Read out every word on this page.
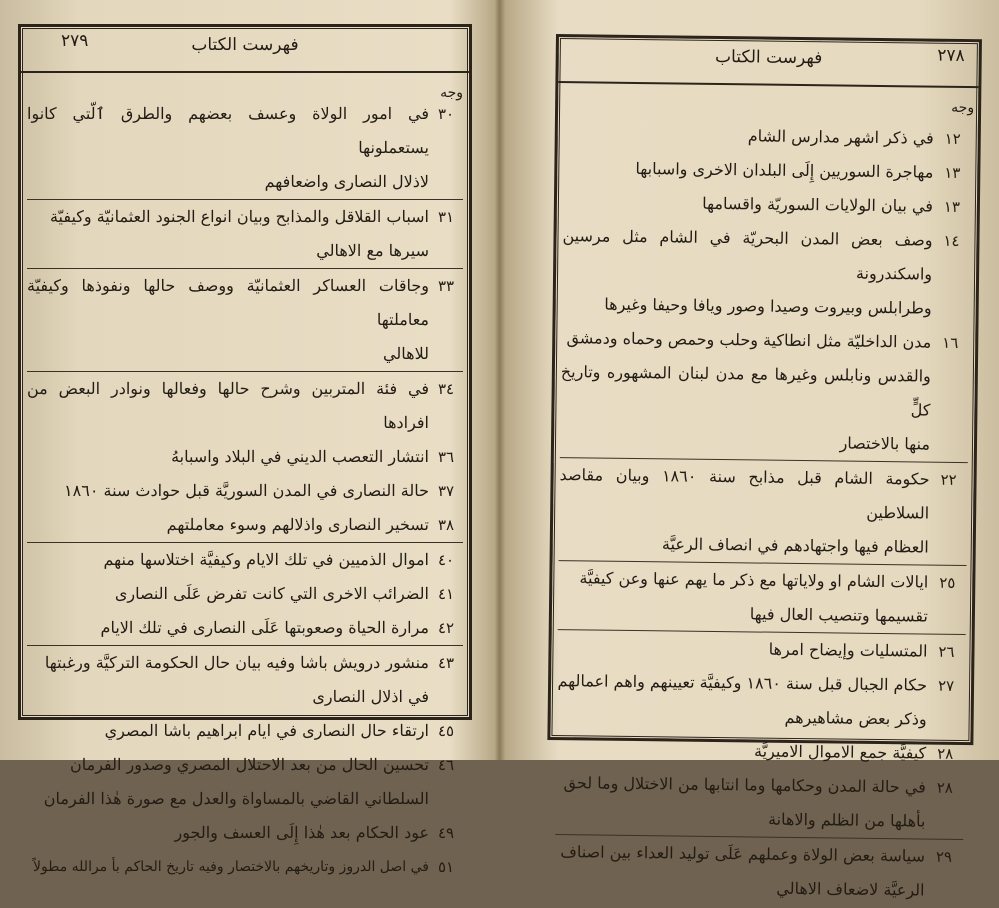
٢٧٩	فهرست الكتاب
وجه
٣٠
في امور الولاة وعسف بعضهم والطرق ٱلّتي كانوا يستعملونها
لاذلال النصارى واضعافهم
٣١
اسباب القلاقل والمذابح وبيان انواع الجنود العثمانيّة وكيفيّة
سيرها مع الاهالي
٣٣
وجاقات العساكر العثمانيّة ووصف حالها ونفوذها وكيفيّة معاملتها
للاهالي
٣٤
في فئة المتربين وشرح حالها وفعالها ونوادر البعض من افرادها
٣٦
انتشار التعصب الديني في البلاد واسبابهُ
٣٧
حالة النصارى في المدن السوريَّة قبل حوادث سنة ١٨٦٠
٣٨
تسخير النصارى واذلالهم وسوء معاملتهم
٤٠
اموال الذميين في تلك الايام وكيفيَّة اختلاسها منهم
٤١
الضرائب الاخرى التي كانت تفرض عَلَى النصارى
٤٢
مرارة الحياة وصعوبتها عَلَى النصارى في تلك الايام
٤٣
منشور درويش باشا وفيه بيان حال الحكومة التركيَّة ورغبتها
في اذلال النصارى
٤٥
ارتقاء حال النصارى في ايام ابراهيم باشا المصري
٤٦
تحسين الحال من بعد الاحتلال المصري وصدور الفرمان
السلطاني القاضي بالمساواة والعدل مع صورة هٰذا الفرمان
٤٩
عود الحكام بعد هٰذا إِلَى العسف والجور
٥١
في اصل الدروز وتاريخهم بالاختصار وفيه تاريخ الحاكم بأ مرالله مطولاً
٢٧٨
فهرست الكتاب
وجه
١٢
في ذكر اشهر مدارس الشام
١٣
مهاجرة السوريين إِلَى البلدان الاخرى واسبابها
١٣
في بيان الولايات السوريّة واقسامها
١٤
وصف بعض المدن البحريّة في الشام مثل مرسين واسكندرونة
وطرابلس وبيروت وصيدا وصور ويافا وحيفا وغيرها
١٦
مدن الداخليّة مثل انطاكية وحلب وحمص وحماه ودمشق
والقدس ونابلس وغيرها مع مدن لبنان المشهوره وتاريخ كلٍّ
منها بالاختصار
٢٢
حكومة الشام قبل مذابح سنة ١٨٦٠ وبيان مقاصد السلاطين
العظام فيها واجتهادهم في انصاف الرعيَّة
٢٥
ايالات الشام او ولاياتها مع ذكر ما يهم عنها وعن كيفيَّة
تقسيمها وتنصيب العال فيها
٢٦
المتسليات وإيضاح امرها
٢٧
حكام الجبال قبل سنة ١٨٦٠ وكيفيَّة تعيينهم واهم اعمالهم
وذكر بعض مشاهيرهم
٢٨
كيفيَّة جمع الاموال الاميريَّة
٢٨
في حالة المدن وحكامها وما انتابها من الاختلال وما لحق
بأهلها من الظلم والاهانة
٢٩
سياسة بعض الولاة وعملهم عَلَى توليد العداء بين اصناف
الرعيَّة لاضعاف الاهالي
